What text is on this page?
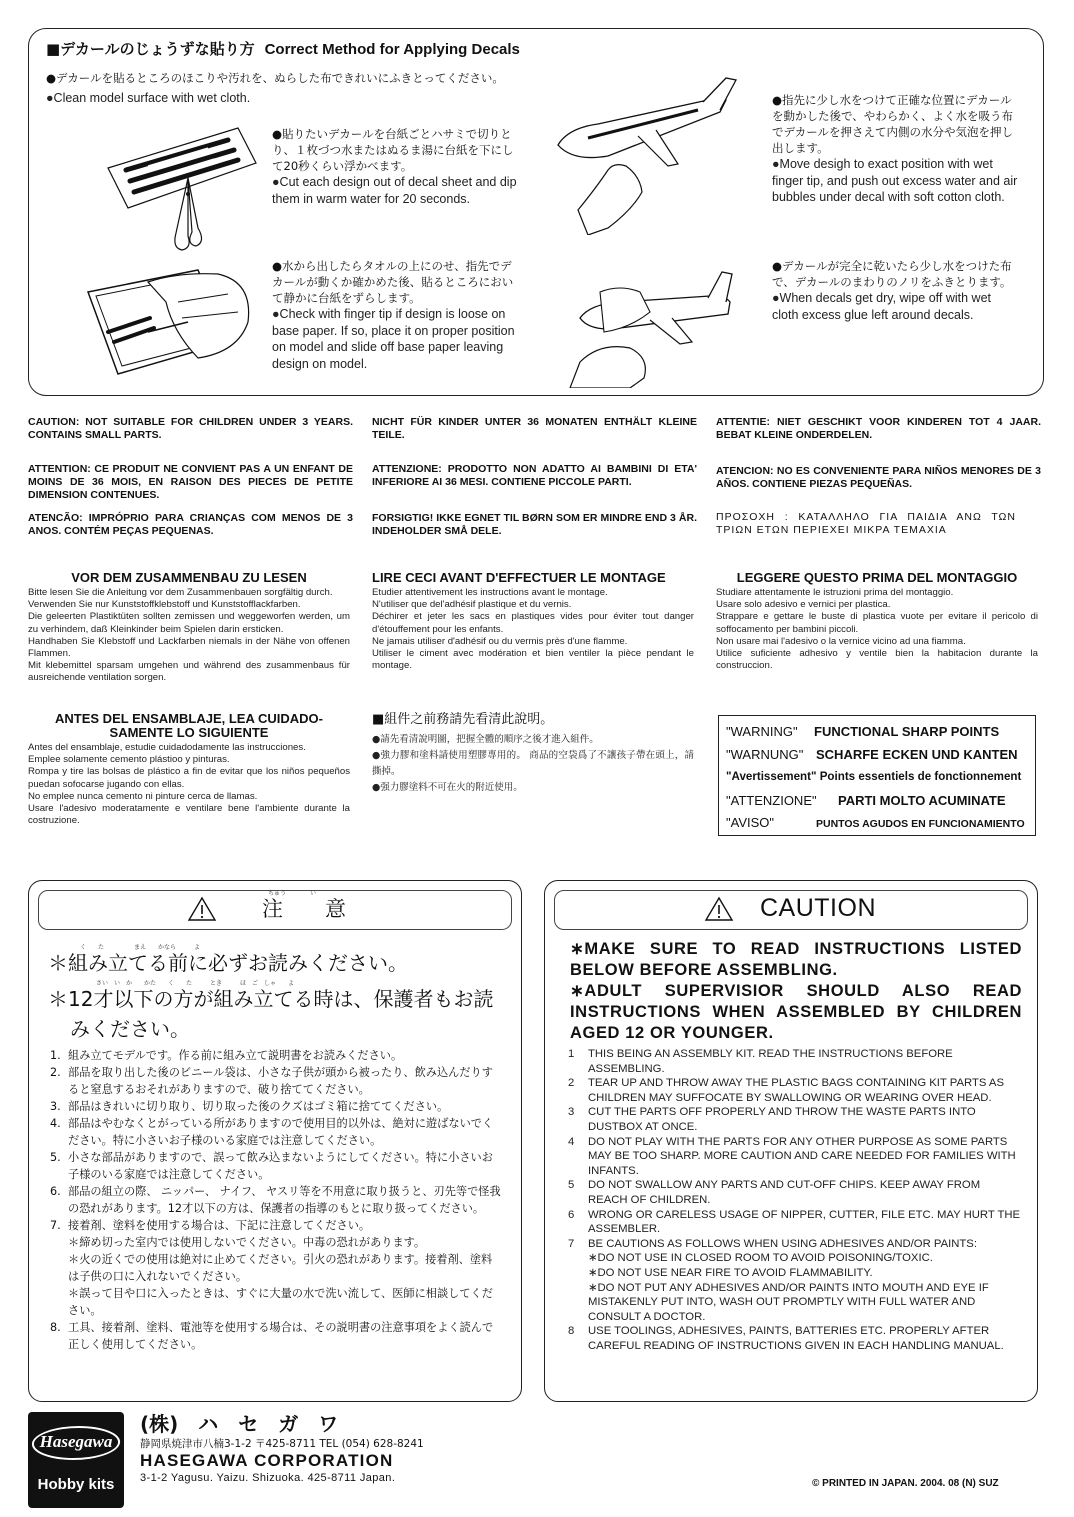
■デカールのじょうずな貼り方 Correct Method for Applying Decals
●デカールを貼るところのほこりや汚れを、ぬらした布できれいにふきとってください。
●Clean model surface with wet cloth.

●貼りたいデカールを台紙ごとハサミで切りとり、１枚づつ水またはぬるま湯に台紙を下にして20秒くらい浮かべます。

●Cut each design out of decal sheet and dip them in warm water for 20 seconds.

●水から出したらタオルの上にのせ、指先でデカールが動くか確かめた後、貼るところにおいて静かに台紙をずらします。

●Check with finger tip if design is loose on base paper. If so, place it on proper position on model and slide off base paper leaving design on model.

●指先に少し水をつけて正確な位置にデカールを動かした後で、やわらかく、よく水を吸う布でデカールを押さえて内側の水分や気泡を押し出します。

●Move desigh to exact position with wet finger tip, and push out excess water and air bubbles under decal with soft cotton cloth.

●デカールが完全に乾いたら少し水をつけた布で、デカールのまわりのノリをふきとります。

●When decals get dry, wipe off with wet cloth excess glue left around decals.

CAUTION: NOT SUITABLE FOR CHILDREN UNDER 3 YEARS. CONTAINS SMALL PARTS.
NICHT FÜR KINDER UNTER 36 MONATEN ENTHÄLT KLEINE TEILE.
ATTENTIE: NIET GESCHIKT VOOR KINDEREN TOT 4 JAAR. BEBAT KLEINE ONDERDELEN.
ATTENTION: CE PRODUIT NE CONVIENT PAS A UN ENFANT DE MOINS DE 36 MOIS, EN RAISON DES PIECES DE PETITE DIMENSION CONTENUES.
ATTENZIONE: PRODOTTO NON ADATTO AI BAMBINI DI ETA' INFERIORE AI 36 MESI. CONTIENE PICCOLE PARTI.
ATENCION: NO ES CONVENIENTE PARA NIÑOS MENORES DE 3 AÑOS. CONTIENE PIEZAS PEQUEÑAS.
ATENCÃO: IMPRÓPRIO PARA CRIANÇAS COM MENOS DE 3 ANOS. CONTÉM PEÇAS PEQUENAS.
FORSIGTIG! IKKE EGNET TIL BØRN SOM ER MINDRE END 3 ÅR. INDEHOLDER SMÅ DELE.
ΠΡΟΣΟΧΗ : ΚΑΤΑΛΛΗΛΟ ΓΙΑ ΠΑΙΔΙΑ ΑΝΩ ΤΩΝ ΤΡΙΩΝ ΕΤΩΝ ΠΕΡΙΕΧΕΙ ΜΙΚΡΑ ΤΕΜΑΧΙΑ
VOR DEM ZUSAMMENBAU ZU LESEN

Bitte lesen Sie die Anleitung vor dem Zusammenbauen sorgfältig durch.

Verwenden Sie nur Kunststoffklebstoff und Kunststofflackfarben.

Die geleerten Plastiktüten sollten zemissen und weggeworfen werden, um zu verhindem, daß Kleinkinder beim Spielen darin ersticken.

Handhaben Sie Klebstoff und Lackfarben niemals in der Nähe von offenen Flammen.

Mit klebemittel sparsam umgehen und während des zusammenbaus für ausreichende ventilation sorgen.

LIRE CECI AVANT D'EFFECTUER LE MONTAGE

Etudier attentivement les instructions avant le montage.

N'utiliser que del'adhésif plastique et du vernis.

Déchirer et jeter les sacs en plastiques vides pour éviter tout danger d'étouffement pour les enfants.

Ne jamais utiliser d'adhésif ou du vermis près d'une flamme.

Utiliser le ciment avec modération et bien ventiler la pièce pendant le montage.

LEGGERE QUESTO PRIMA DEL MONTAGGIO

Studiare attentamente le istruzioni prima del montaggio.

Usare solo adesivo e vernici per plastica.

Strappare e gettare le buste di plastica vuote per evitare il pericolo di soffocamento per bambini piccoli.

Non usare mai l'adesivo o la vernice vicino ad una fiamma.

Utilice suficiente adhesivo y ventile bien la habitacion durante la construccion.

ANTES DEL ENSAMBLAJE, LEA CUIDADO-SAMENTE LO SIGUIENTE

Antes del ensamblaje, estudie cuidadodamente las instrucciones.

Emplee solamente cemento plástioo y pinturas.

Rompa y tire las bolsas de plástico a fin de evitar que los niños pequeños puedan sofocarse jugando con ellas.

No emplee nunca cemento ni pinture cerca de llamas.

Usare l'adesivo moderatamente e ventilare bene l'ambiente durante la costruzione.

■組件之前務請先看清此說明。

●請先看清說明圖，把握全體的順序之後才進入組件。

●強力膠和塗料請使用塑膠專用的。 商品的空袋爲了不讓孩子帶在頭上，請撕掉。

●强力膠塗料不可在火的附近使用。

"WARNING" FUNCTIONAL SHARP POINTS
"WARNUNG" SCHARFE ECKEN UND KANTEN
"Avertissement" Points essentiels de fonctionnement
"ATTENZIONE" PARTI MOLTO ACUMINATE
"AVISO"	PUNTOS AGUDOS EN FUNCIONAMIENTO
ちゅう　　　　い
注　　意
く　　た　　　　　まえ　　かなら　　　よ
＊組み立てる前に必ずお読みください。
さい　い　か　　かた　　く　　た　　　とき　　　ほ　ご　しゃ　　よ
＊12才以下の方が組み立てる時は、保護者もお読
みください。
1. 組み立てモデルです。作る前に組み立て説明書をお読みください。
2. 部品を取り出した後のビニール袋は、小さな子供が頭から被ったり、飲み込んだりすると窒息するおそれがありますので、破り捨ててください。
3. 部品はきれいに切り取り、切り取った後のクズはゴミ箱に捨ててください。
4. 部品はやむなくとがっている所がありますので使用目的以外は、絶対に遊ばないでください。特に小さいお子様のいる家庭では注意してください。
5. 小さな部品がありますので、誤って飲み込まないようにしてください。特に小さいお子様のいる家庭では注意してください。
6. 部品の組立の際、 ニッパー、 ナイフ、 ヤスリ等を不用意に取り扱うと、刃先等で怪我の恐れがあります。12才以下の方は、保護者の指導のもとに取り扱ってください。
7. 接着剤、塗料を使用する場合は、下記に注意してください。
＊締め切った室内では使用しないでください。中毒の恐れがあります。
＊火の近くでの使用は絶対に止めてください。引火の恐れがあります。接着剤、塗料は子供の口に入れないでください。
＊誤って目や口に入ったときは、すぐに大量の水で洗い流して、医師に相談してください。
8. 工具、接着剤、塗料、電池等を使用する場合は、その説明書の注意事項をよく読んで正しく使用してください。
CAUTION
∗MAKE SURE TO READ INSTRUCTIONS LISTED BELOW BEFORE ASSEMBLING.
∗ADULT SUPERVISIOR SHOULD ALSO READ INSTRUCTIONS WHEN ASSEMBLED BY CHILDREN AGED 12 OR YOUNGER.
1	THIS BEING AN ASSEMBLY KIT. READ THE INSTRUCTIONS BEFORE ASSEMBLING.
2	TEAR UP AND THROW AWAY THE PLASTIC BAGS CONTAINING KIT PARTS AS CHILDREN MAY SUFFOCATE BY SWALLOWING OR WEARING OVER HEAD.
3	CUT THE PARTS OFF PROPERLY AND THROW THE WASTE PARTS INTO DUSTBOX AT ONCE.
4	DO NOT PLAY WITH THE PARTS FOR ANY OTHER PURPOSE AS SOME PARTS MAY BE TOO SHARP. MORE CAUTION AND CARE NEEDED FOR FAMILIES WITH INFANTS.
5	DO NOT SWALLOW ANY PARTS AND CUT-OFF CHIPS. KEEP AWAY FROM REACH OF CHILDREN.
6	WRONG OR CARELESS USAGE OF NIPPER, CUTTER, FILE ETC. MAY HURT THE ASSEMBLER.
7	BE CAUTIONS AS FOLLOWS WHEN USING ADHESIVES AND/OR PAINTS:
∗DO NOT USE IN CLOSED ROOM TO AVOID POISONING/TOXIC.
∗DO NOT USE NEAR FIRE TO AVOID FLAMMABILITY.
∗DO NOT PUT ANY ADHESIVES AND/OR PAINTS INTO MOUTH AND EYE IF MISTAKENLY PUT INTO, WASH OUT PROMPTLY WITH FULL WATER AND CONSULT A DOCTOR.
8	USE TOOLINGS, ADHESIVES, PAINTS, BATTERIES ETC. PROPERLY AFTER CAREFUL READING OF INSTRUCTIONS GIVEN IN EACH HANDLING MANUAL.
Hasegawa
Hobby kits
(株)　ハ　セ　ガ　ワ
静岡県焼津市八楠3-1-2 〒425-8711 TEL (054) 628-8241
HASEGAWA CORPORATION
3-1-2 Yagusu. Yaizu. Shizuoka. 425-8711 Japan.	© PRINTED IN JAPAN. 2004. 08 (N) SUZ
